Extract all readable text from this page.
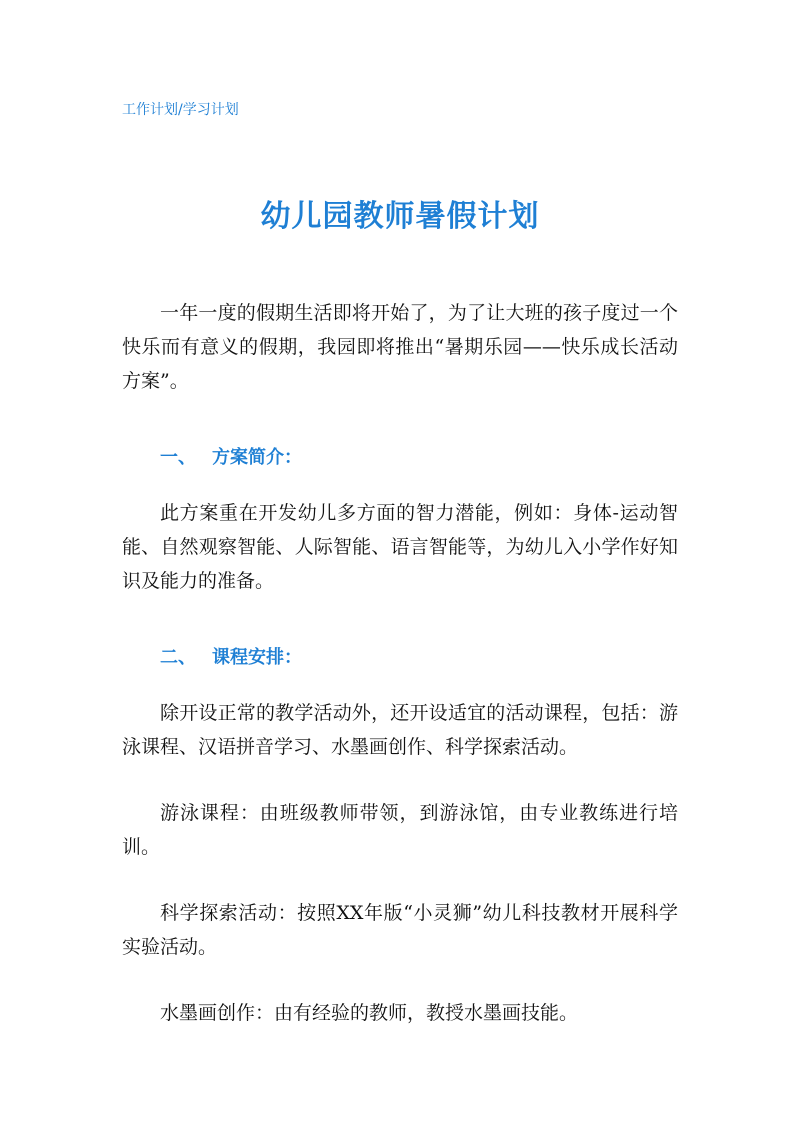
工作计划/学习计划
幼儿园教师暑假计划

一年一度的假期生活即将开始了，为了让大班的孩子度过一个快乐而有意义的假期，我园即将推出“暑期乐园——快乐成长活动方案”。

一、 方案简介：

此方案重在开发幼儿多方面的智力潜能，例如：身体-运动智能、自然观察智能、人际智能、语言智能等，为幼儿入小学作好知识及能力的准备。

二、 课程安排：

除开设正常的教学活动外，还开设适宜的活动课程，包括：游泳课程、汉语拼音学习、水墨画创作、科学探索活动。

游泳课程：由班级教师带领，到游泳馆，由专业教练进行培训。

科学探索活动：按照XX年版“小灵狮”幼儿科技教材开展科学实验活动。

水墨画创作：由有经验的教师，教授水墨画技能。
